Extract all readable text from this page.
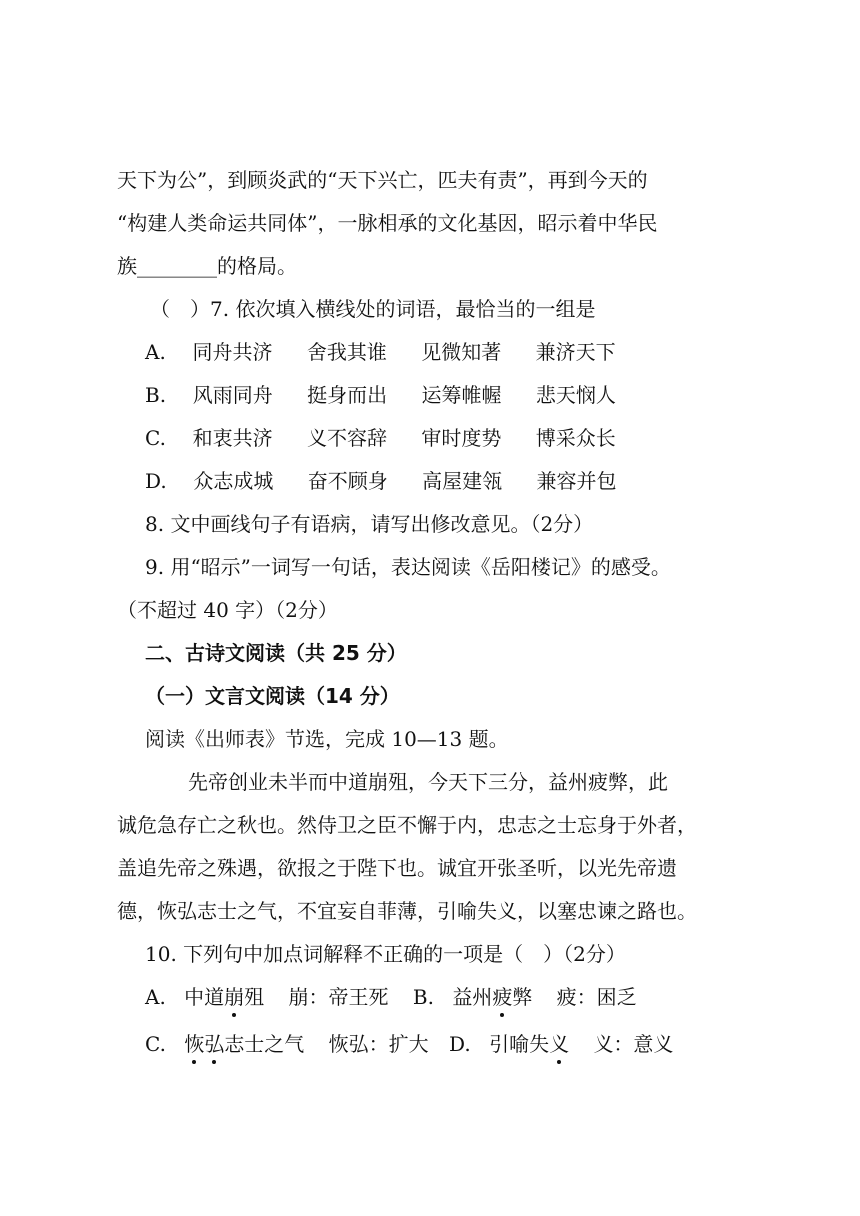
天下为公”，到顾炎武的“天下兴亡，匹夫有责”，再到今天的
“构建人类命运共同体”，一脉相承的文化基因，昭示着中华民
族________的格局。
（　）7. 依次填入横线处的词语，最恰当的一组是
A. 同舟共济 舍我其谁 见微知著 兼济天下
B. 风雨同舟 挺身而出 运筹帷幄 悲天悯人
C. 和衷共济 义不容辞 审时度势 博采众长
D. 众志成城 奋不顾身 高屋建瓴 兼容并包
8. 文中画线句子有语病，请写出修改意见。（2分）
9. 用“昭示”一词写一句话，表达阅读《岳阳楼记》的感受。
（不超过 40 字）（2分）
二、古诗文阅读（共 25 分）
（一）文言文阅读（14 分）
阅读《出师表》节选，完成 10—13 题。
先帝创业未半而中道崩殂，今天下三分，益州疲弊，此
诚危急存亡之秋也。然侍卫之臣不懈于内，忠志之士忘身于外者，
盖追先帝之殊遇，欲报之于陛下也。诚宜开张圣听，以光先帝遗
德，恢弘志士之气，不宜妄自菲薄，引喻失义，以塞忠谏之路也。
10. 下列句中加点词解释不正确的一项是（　）（2分）
A. 中道崩殂 崩：帝王死 B. 益州疲弊 疲：困乏
C. 恢弘志士之气 恢弘：扩大 D. 引喻失义 义：意义
